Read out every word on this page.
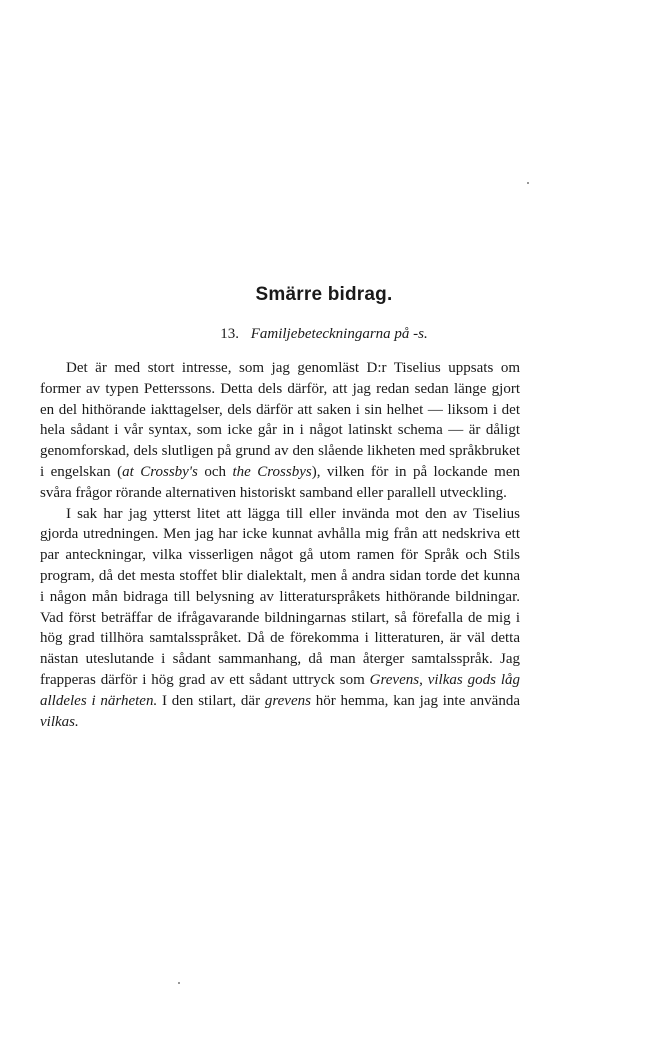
Smärre bidrag.
13. Familjebeteckningarna på -s.

Det är med stort intresse, som jag genomläst D:r Tiselius uppsats om former av typen Petterssons. Detta dels därför, att jag redan sedan länge gjort en del hithörande iakttagelser, dels därför att saken i sin helhet — liksom i det hela sådant i vår syntax, som icke går in i något latinskt schema — är dåligt genomforskad, dels slutligen på grund av den slående likheten med språkbruket i engelskan (at Crossby's och the Crossbys), vilken för in på lockande men svåra frågor rörande alternativen historiskt samband eller parallell utveckling.

I sak har jag ytterst litet att lägga till eller invända mot den av Tiselius gjorda utredningen. Men jag har icke kunnat avhålla mig från att nedskriva ett par anteckningar, vilka visserligen något gå utom ramen för Språk och Stils program, då det mesta stoffet blir dialektalt, men å andra sidan torde det kunna i någon mån bidraga till belysning av litteraturspråkets hithörande bildningar. Vad först beträffar de ifrågavarande bildningarnas stilart, så förefalla de mig i hög grad tillhöra samtalsspråket. Då de förekomma i litteraturen, är väl detta nästan uteslutande i sådant sammanhang, då man återger samtalsspråk. Jag frapperas därför i hög grad av ett sådant uttryck som Grevens, vilkas gods låg alldeles i närheten. I den stilart, där grevens hör hemma, kan jag inte använda vilkas.
